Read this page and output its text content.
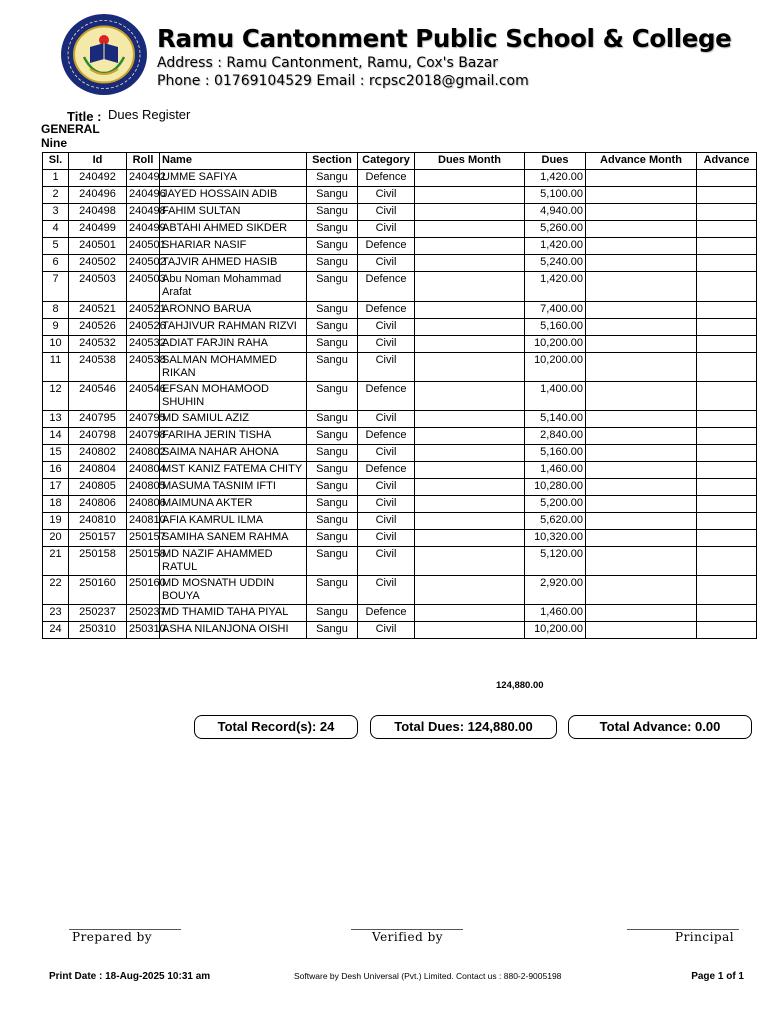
Ramu Cantonment Public School & College
Address : Ramu Cantonment, Ramu, Cox's Bazar
Phone : 01769104529 Email : rcpsc2018@gmail.com
Title : Dues Register
GENERAL
Nine
Sl.	Id	Roll	Name	Section	Category	Dues Month	Dues	Advance Month	Advance
1	240492	240492	UMME SAFIYA	Sangu	Defence		1,420.00		
2	240496	240496	JAYED HOSSAIN ADIB	Sangu	Civil		5,100.00		
3	240498	240498	FAHIM SULTAN	Sangu	Civil		4,940.00		
4	240499	240499	ABTAHI AHMED SIKDER	Sangu	Civil		5,260.00		
5	240501	240501	SHARIAR NASIF	Sangu	Defence		1,420.00		
6	240502	240502	TAJVIR AHMED HASIB	Sangu	Civil		5,240.00		
7	240503	240503	Abu Noman Mohammad Arafat	Sangu	Defence		1,420.00		
8	240521	240521	ARONNO BARUA	Sangu	Defence		7,400.00		
9	240526	240526	TAHJIVUR RAHMAN RIZVI	Sangu	Civil		5,160.00		
10	240532	240532	ADIAT FARJIN RAHA	Sangu	Civil		10,200.00		
11	240538	240538	SALMAN MOHAMMED RIKAN	Sangu	Civil		10,200.00		
12	240546	240546	EFSAN MOHAMOOD SHUHIN	Sangu	Defence		1,400.00		
13	240795	240795	MD SAMIUL AZIZ	Sangu	Civil		5,140.00		
14	240798	240798	FARIHA JERIN TISHA	Sangu	Defence		2,840.00		
15	240802	240802	SAIMA NAHAR AHONA	Sangu	Civil		5,160.00		
16	240804	240804	MST KANIZ FATEMA CHITY	Sangu	Defence		1,460.00		
17	240805	240805	MASUMA TASNIM IFTI	Sangu	Civil		10,280.00		
18	240806	240806	MAIMUNA AKTER	Sangu	Civil		5,200.00		
19	240810	240810	AFIA KAMRUL ILMA	Sangu	Civil		5,620.00		
20	250157	250157	SAMIHA SANEM RAHMA	Sangu	Civil		10,320.00		
21	250158	250158	MD NAZIF AHAMMED RATUL	Sangu	Civil		5,120.00		
22	250160	250160	MD MOSNATH UDDIN BOUYA	Sangu	Civil		2,920.00		
23	250237	250237	MD THAMID TAHA PIYAL	Sangu	Defence		1,460.00		
24	250310	250310	ASHA NILANJONA OISHI	Sangu	Civil		10,200.00		
124,880.00
Total Record(s): 24	Total Dues: 124,880.00	Total Advance: 0.00
Prepared by	Verified by	Principal
Print Date : 18-Aug-2025 10:31 am	Software by Desh Universal (Pvt.) Limited. Contact us : 880-2-9005198	Page 1 of 1
